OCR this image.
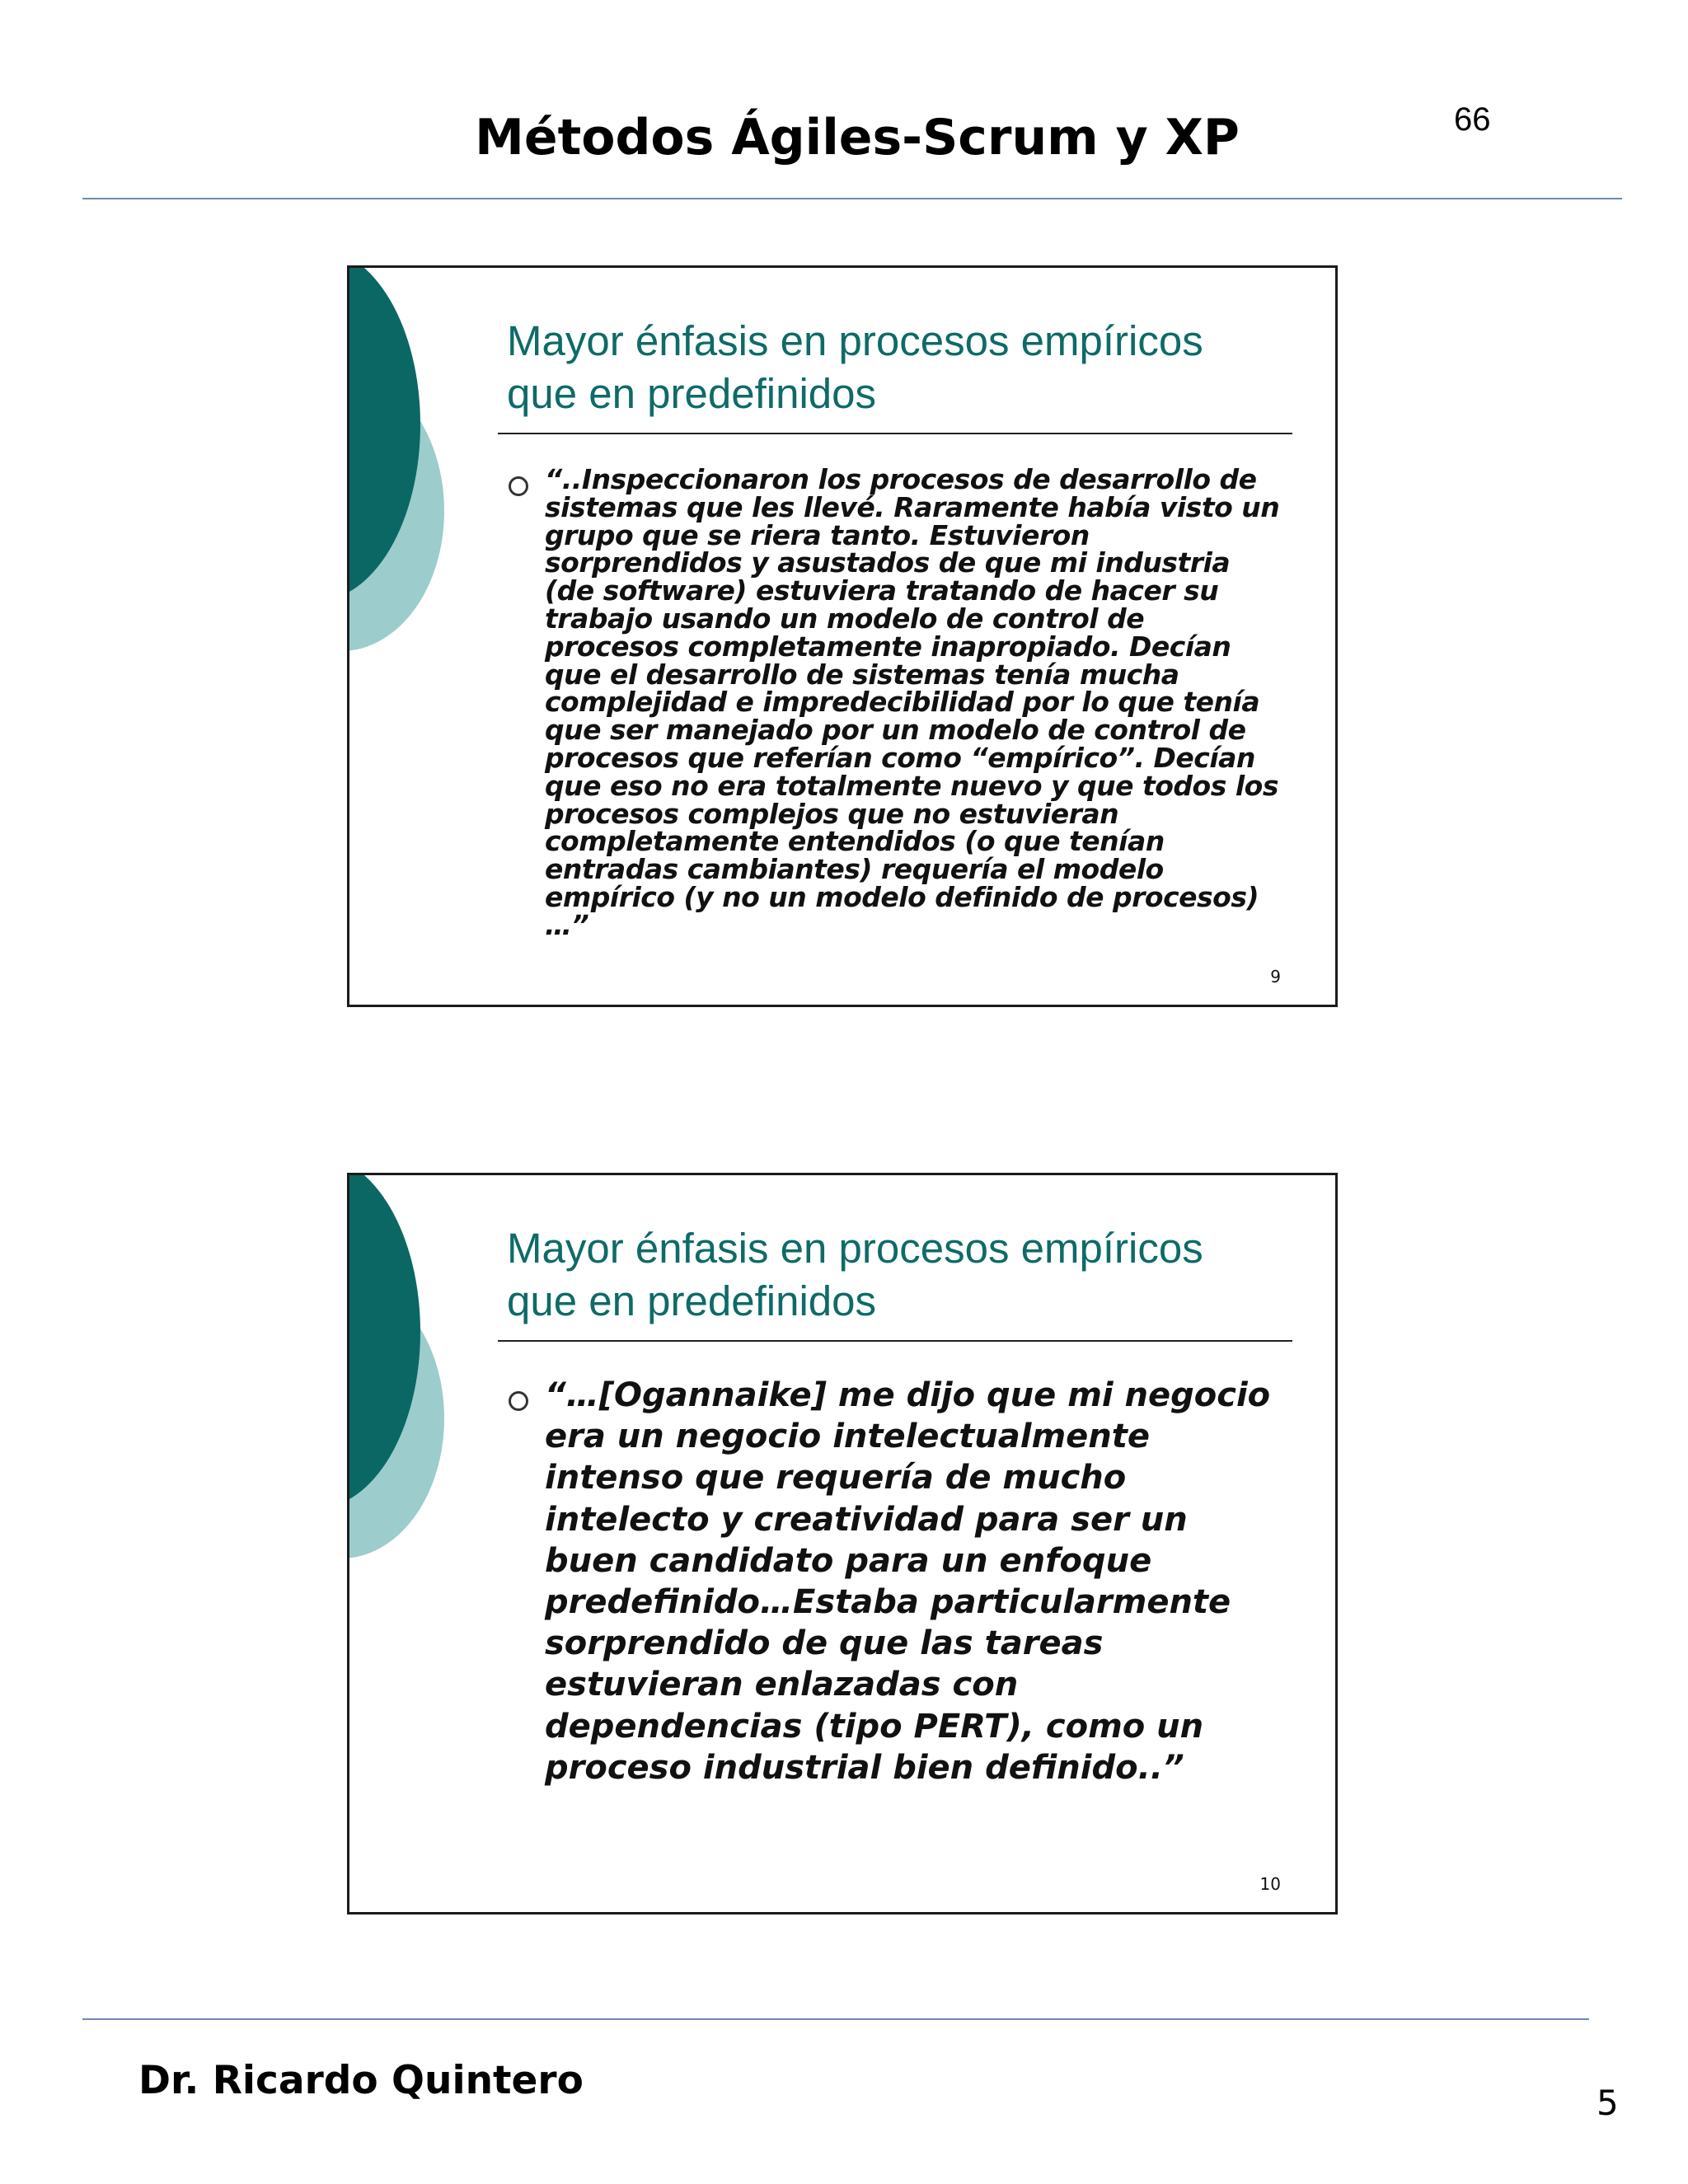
Métodos Ágiles-Scrum y XP	66
Mayor énfasis en procesos empíricos
que en predefinidos
“..Inspeccionaron los procesos de desarrollo de sistemas que les llevé. Raramente había visto un grupo que se riera tanto. Estuvieron sorprendidos y asustados de que mi industria (de software) estuviera tratando de hacer su trabajo usando un modelo de control de procesos completamente inapropiado. Decían que el desarrollo de sistemas tenía mucha complejidad e impredecibilidad por lo que tenía que ser manejado por un modelo de control de procesos que referían como “empírico”. Decían que eso no era totalmente nuevo y que todos los procesos complejos que no estuvieran completamente entendidos (o que tenían entradas cambiantes) requería el modelo empírico (y no un modelo definido de procesos) …”
9
Mayor énfasis en procesos empíricos
que en predefinidos
“…[Ogannaike] me dijo que mi negocio era un negocio intelectualmente intenso que requería de mucho intelecto y creatividad para ser un buen candidato para un enfoque predefinido…Estaba particularmente sorprendido de que las tareas estuvieran enlazadas con dependencias (tipo PERT), como un proceso industrial bien definido..”
10
Dr. Ricardo Quintero	5
